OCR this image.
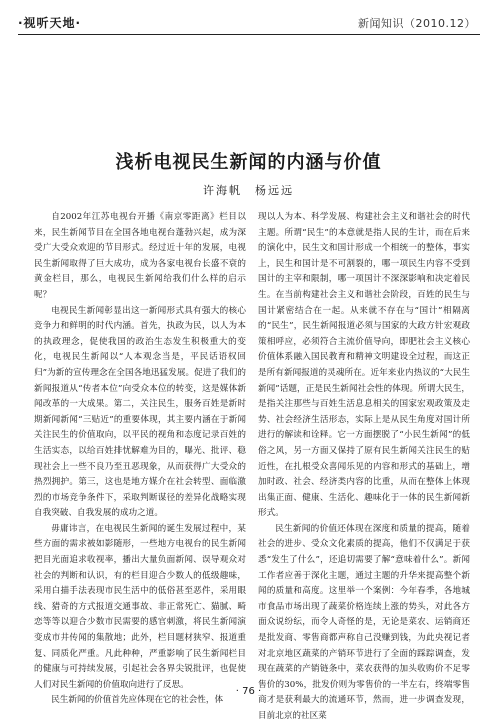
·视听天地·	新闻知识（2010.12）
浅析电视民生新闻的内涵与价值
许海帆　杨远远

自2002年江苏电视台开播《南京零距离》栏目以来，民生新闻节目在全国各地电视台蓬勃兴起，成为深受广大受众欢迎的节目形式。经过近十年的发展，电视民生新闻取得了巨大成功，成为各家电视台长盛不衰的黄金栏目，那么，电视民生新闻给我们什么样的启示呢？

电视民生新闻彰显出这一新闻形式具有强大的核心竞争力和鲜明的时代内涵。首先，执政为民，以人为本的执政理念，促使我国的政治生态发生积极重大的变化，电视民生新闻以“人本观念当是，平民话语权回归”为新的宣传理念在全国各地迅猛发展。促进了我们的新闻报道从“传者本位”向受众本位的转变，这是媒体新闻改革的一大成果。第二，关注民生，服务百姓是新时期新闻新闻“三贴近”的重要体现，其主要内涵在于新闻关注民生的价值取向，以平民的视角和态度记录百姓的生活实态，以给百姓排忧解难为目的，曝光、批评、稳现社会上一些不良乃至丑恶现象，从而获得广大受众的热烈拥护。第三，这也是地方媒介在社会转型、面临激烈的市场竞争条件下，采取判断谋径的差异化战略实现自我突破、自我发展的成功之道。

毋庸讳言，在电视民生新闻的诞生发展过程中，某些方面的需求被如影随形，一些地方电视台的民生新闻把目光面追求收视率，播出大量负面新闻、误导观众对社会的判断和认识，有的栏目迎合少数人的低级趣味，采用白描手法表现市民生活中的低俗甚至恶件，采用眼线、猎奇的方式报道交通事故、非正常死亡、猫腻、畸恋等等以迎合少数市民需要的感官刺激，将民生新闻演变成市井传闻的集散地；此外，栏目题材狭窄、报道重复、同质化严重。凡此种种，严重影响了民生新闻栏目的健康与可持续发展，引起社会各界尖锐批评，也促使人们对民生新闻的价值取向进行了反思。

民生新闻的价值首先应体现在它的社会性，体

现以人为本、科学发展、构建社会主义和谐社会的时代主题。所谓“民生”的本意就是指人民的生计，而在后来的演化中，民生文和国计形成一个相统一的整体，事实上，民生和国计是不可割裂的，哪一项民生内容不受到国计的主宰和限制，哪一项国计不深深影响和决定着民生。在当前构建社会主义和谐社会阶段，百姓的民生与国计紧密结合在一起。从来就不存在与“国计”相隔离的“民生”，民生新闻报道必须与国家的大政方针宏观政策相呼应，必须符合主流价值导向，即肥社会主义核心价值体系融入国民教育和精神文明建设全过程，而这正是所有新闻报道的灵魂所在。近年来业内热议的“大民生新闻”话题，正是民生新闻社会性的体现。所谓大民生，是指关注那些与百姓生活息息相关的国家宏观政策及走势、社会经济生活形态，实际上是从民生角度对国计所进行的解读和诠释。它一方面摆脱了“小民生新闻”的低俗之风，另一方面又保持了原有民生新闻关注民生的贴近性，在扎根受众喜闻乐见的内容和形式的基础上，增加时政、社会、经济类内容的比重，从而在整体上体现出集正面、健康、生活化、趣味化于一体的民生新闻新形式。

民生新闻的价值还体现在深度和质量的提高，随着社会的进步、受众文化素质的提高，他们不仅满足于获悉“发生了什么”，还追切需要了解“意味着什么”。新闻工作者应善于深化主题，通过主题的升华来提高整个新闻的质量和高度。这里举一个案例：今年春季，各地城市食品市场出现了蔬菜价格连续上涨的势头，对此各方面众说纷纭，而令人奇怪的是，无论是菜农、运销商还是批发商、零售商都声称自己没赚到钱，为此央视记者对北京地区蔬菜的产销环节进行了全面的踩踪调查，发现在蔬菜的产销链条中，菜农获得的加头收购价不足零售价的30%，批发价则为零售价的一半左右，终端零售商才是获利最大的流通环节，然而，进一步调查发现，目前北京的社区菜

· 76 ·
